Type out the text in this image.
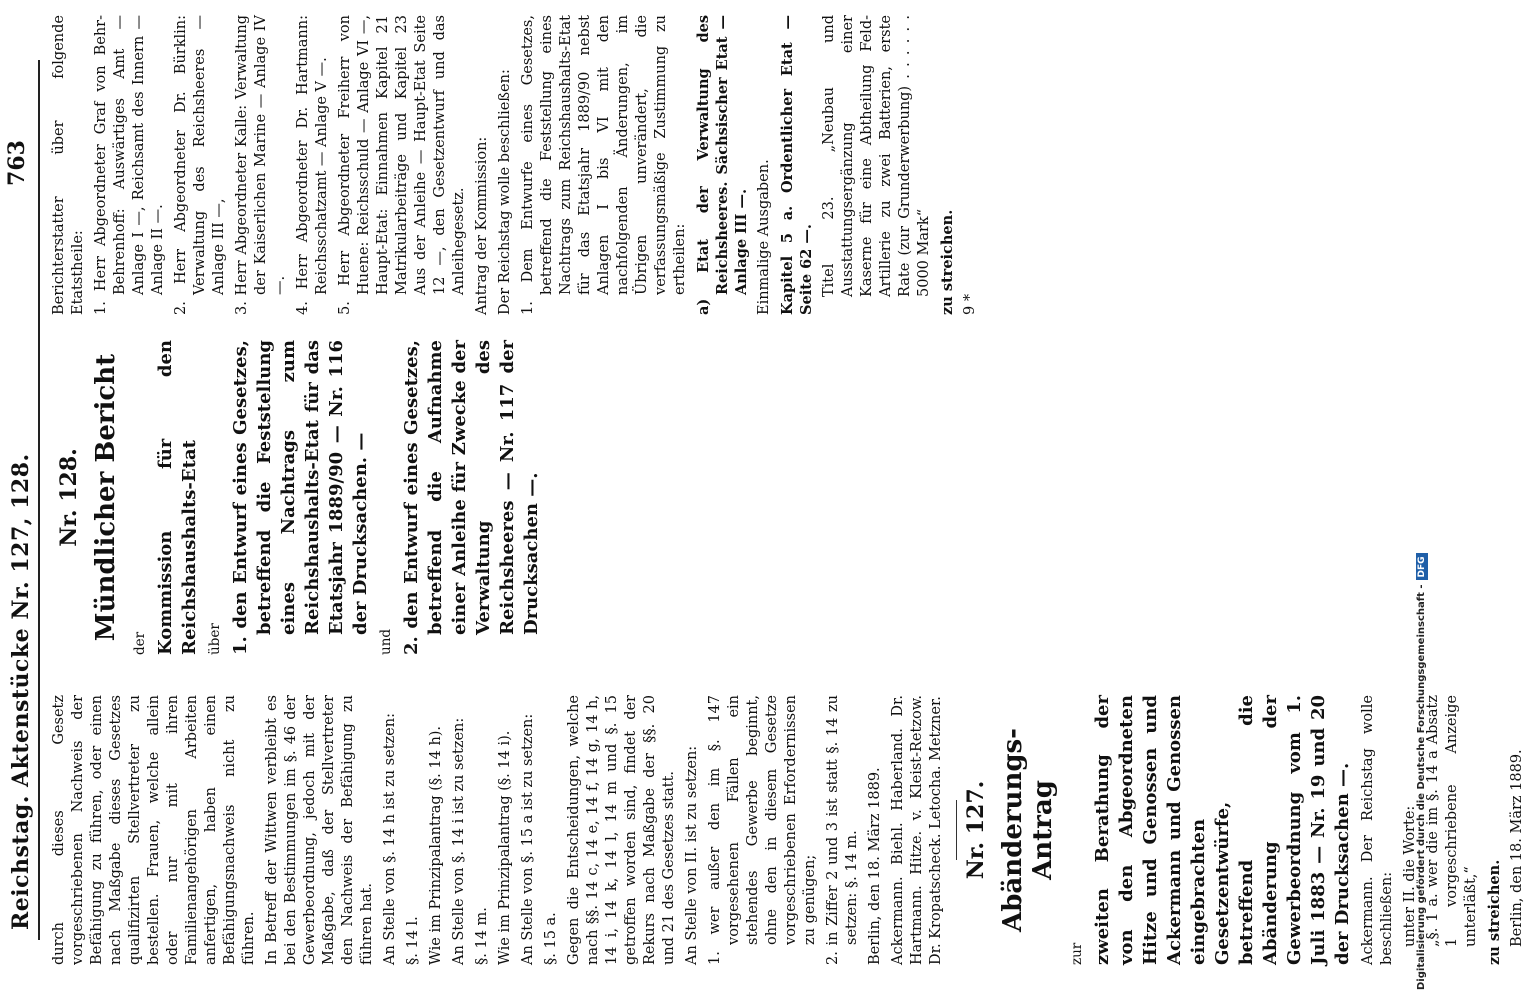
Reichstag. Aktenstücke Nr. 127, 128.
763

durch dieses Gesetz vorgeschriebenen Nachweis der Befähigung zu führen, oder einen nach Maßgabe dieses Gesetzes qualifizirten Stellvertreter zu bestellen. Frauen, welche allein oder nur mit ihren Familienangehörigen Arbeiten anfertigen, haben einen Befähigungsnachweis nicht zu führen. In Betreff der Wittwen verbleibt es bei den Bestimmungen im §. 46 der Gewerbeordnung, jedoch mit der Maßgabe, daß der Stellvertreter den Nachweis der Befähigung zu führen hat. An Stelle von §. 14 h ist zu setzen: §. 14 l. Wie im Prinzipalantrag (§. 14 h). An Stelle von §. 14 i ist zu setzen: §. 14 m. Wie im Prinzipalantrag (§. 14 i). An Stelle von §. 15 a ist zu setzen: §. 15 a. Gegen die Entscheidungen, welche nach §§. 14 c, 14 e, 14 f, 14 g, 14 h, 14 i, 14 k, 14 l, 14 m und §. 15 getroffen worden sind, findet der Rekurs nach Maßgabe der §§. 20 und 21 des Gesetzes statt. An Stelle von II. ist zu setzen: 1. wer außer den im §. 147 vorgesehenen Fällen ein stehendes Gewerbe beginnt, ohne den in diesem Gesetze vorgeschriebenen Erfordernissen zu genügen; 2. in Ziffer 2 und 3 ist statt §. 14 zu setzen: §. 14 m. Berlin, den 18. März 1889. Ackermann. Biehl. Haberland. Dr. Hartmann. Hitze. v. Kleist-Retzow. Dr. Kropatscheck. Letocha. Metzner. Nr. 127. Abänderungs-Antrag

zur zweiten Berathung der von den Abgeordneten Hitze und Genossen und Ackermann und Genossen eingebrachten Gesetzentwürfe, betreffend die Abänderung der Gewerbeordnung vom 1. Juli 1883 — Nr. 19 und 20 der Drucksachen —. Ackermann. Der Reichstag wolle beschließen: unter II. die Worte: „§. 1 a. wer die im §. 14 a Absatz 1 vorgeschriebene Anzeige unterläßt,“ zu streichen. Berlin, den 18. März 1889.

Nr. 128. Mündlicher Bericht

der Kommission für den Reichshaushalts-Etat über 1. den Entwurf eines Gesetzes, betreffend die Feststellung eines Nachtrags zum Reichshaushalts-Etat für das Etatsjahr 1889/90 — Nr. 116 der Drucksachen. —

und 2. den Entwurf eines Gesetzes, betreffend die Aufnahme einer Anleihe für Zwecke der Verwaltung des Reichsheeres — Nr. 117 der Drucksachen —.

Berichterstatter über folgende Etatstheile: 1. Herr Abgeordneter Graf von Behr-Behrenhoff: Auswärtiges Amt — Anlage I —, Reichsamt des Innern — Anlage II —. 2. Herr Abgeordneter Dr. Bürklin: Verwaltung des Reichsheeres — Anlage III —, 3. Herr Abgeordneter Kalle: Verwaltung der Kaiserlichen Marine — Anlage IV —. 4. Herr Abgeordneter Dr. Hartmann: Reichsschatzamt — Anlage V —. 5. Herr Abgeordneter Freiherr von Huene: Reichsschuld — Anlage VI —, Haupt-Etat: Einnahmen Kapitel 21 Matrikularbeiträge und Kapitel 23 Aus der Anleihe — Haupt-Etat Seite 12 —, den Gesetzentwurf und das Anleihegesetz. Antrag der Kommission: Der Reichstag wolle beschließen: 1. Dem Entwurfe eines Gesetzes, betreffend die Feststellung eines Nachtrags zum Reichshaushalts-Etat für das Etatsjahr 1889/90 nebst Anlagen I bis VI mit den nachfolgenden Änderungen, im Übrigen unverändert, die verfassungsmäßige Zustimmung zu ertheilen: a) Etat der Verwaltung des Reichsheeres. Sächsischer Etat — Anlage III —. Einmalige Ausgaben. Kapitel 5 a. Ordentlicher Etat — Seite 62 —. Titel 23. „Neubau und Ausstattungsergänzung einer Kaserne für eine Abtheilung Feld-Artillerie zu zwei Batterien, erste Rate (zur Grunderwerbung) . . . . . . 5000 Mark“ zu streichen. 9 *

Digitalisierung gefördert durch die Deutsche Forschungsgemeinschaft -DFG
